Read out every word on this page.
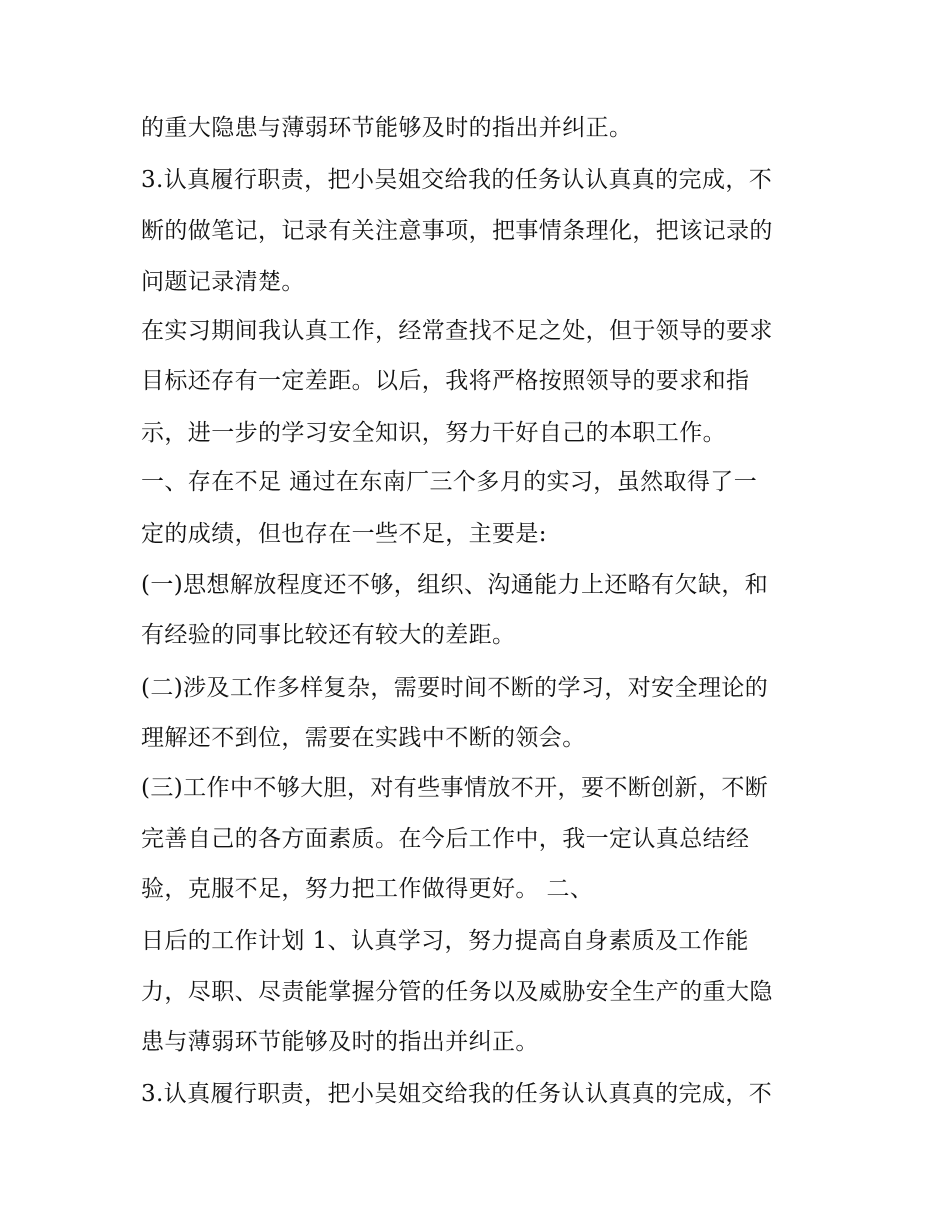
的重大隐患与薄弱环节能够及时的指出并纠正。
3.认真履行职责，把小吴姐交给我的任务认认真真的完成，不
断的做笔记，记录有关注意事项，把事情条理化，把该记录的
问题记录清楚。
在实习期间我认真工作，经常查找不足之处，但于领导的要求
目标还存有一定差距。以后，我将严格按照领导的要求和指
示，进一步的学习安全知识，努力干好自己的本职工作。
一、存在不足 通过在东南厂三个多月的实习，虽然取得了一
定的成绩，但也存在一些不足，主要是:
(一)思想解放程度还不够，组织、沟通能力上还略有欠缺，和
有经验的同事比较还有较大的差距。
(二)涉及工作多样复杂，需要时间不断的学习，对安全理论的
理解还不到位，需要在实践中不断的领会。
(三)工作中不够大胆，对有些事情放不开，要不断创新，不断
完善自己的各方面素质。在今后工作中，我一定认真总结经
验，克服不足，努力把工作做得更好。 二、
日后的工作计划 1、认真学习，努力提高自身素质及工作能
力，尽职、尽责能掌握分管的任务以及威胁安全生产的重大隐
患与薄弱环节能够及时的指出并纠正。
3.认真履行职责，把小吴姐交给我的任务认认真真的完成，不
